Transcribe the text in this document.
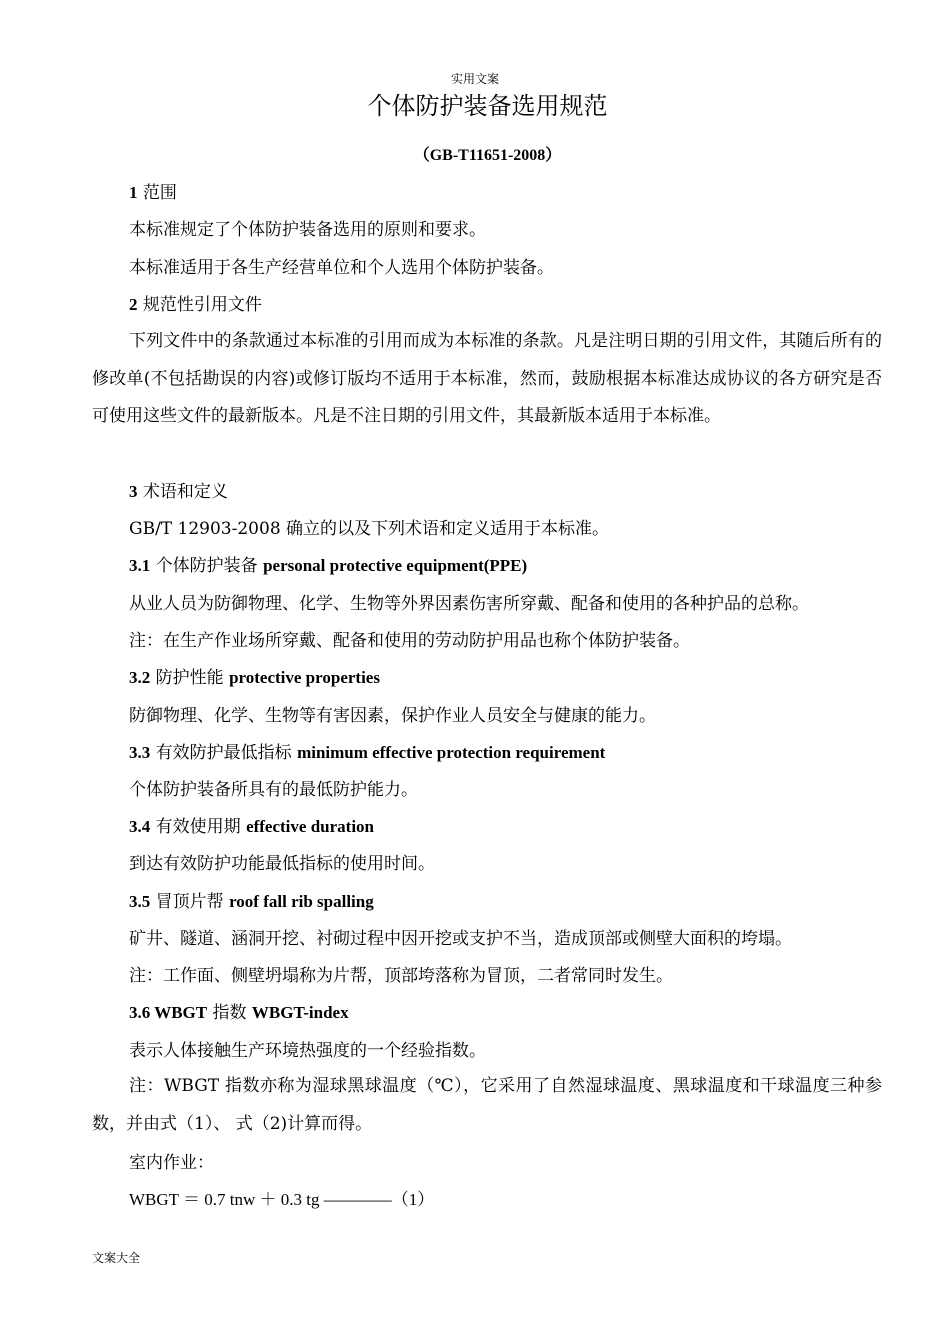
实用文案
个体防护装备选用规范
（GB-T11651-2008）
1 范围
本标准规定了个体防护装备选用的原则和要求。
本标准适用于各生产经营单位和个人选用个体防护装备。
2 规范性引用文件
下列文件中的条款通过本标准的引用而成为本标准的条款。凡是注明日期的引用文件，其随后所有的修改单(不包括勘误的内容)或修订版均不适用于本标准，然而，鼓励根据本标准达成协议的各方研究是否可使用这些文件的最新版本。凡是不注日期的引用文件，其最新版本适用于本标准。
3 术语和定义
GB/T 12903-2008 确立的以及下列术语和定义适用于本标准。
3.1 个体防护装备 personal protective equipment(PPE)
从业人员为防御物理、化学、生物等外界因素伤害所穿戴、配备和使用的各种护品的总称。
注：在生产作业场所穿戴、配备和使用的劳动防护用品也称个体防护装备。
3.2 防护性能 protective properties
防御物理、化学、生物等有害因素，保护作业人员安全与健康的能力。
3.3 有效防护最低指标 minimum effective protection requirement
个体防护装备所具有的最低防护能力。
3.4 有效使用期 effective duration
到达有效防护功能最低指标的使用时间。
3.5 冒顶片帮 roof fall rib spalling
矿井、隧道、涵洞开挖、衬砌过程中因开挖或支护不当，造成顶部或侧壁大面积的垮塌。
注：工作面、侧壁坍塌称为片帮，顶部垮落称为冒顶，二者常同时发生。
3.6 WBGT 指数 WBGT-index
表示人体接触生产环境热强度的一个经验指数。
注：WBGT 指数亦称为湿球黑球温度（℃），它采用了自然湿球温度、黑球温度和干球温度三种参数，并由式（1）、 式（2)计算而得。
室内作业：
WBGT ＝ 0.7 tnw ＋ 0.3 tg ————（1）
文案大全
